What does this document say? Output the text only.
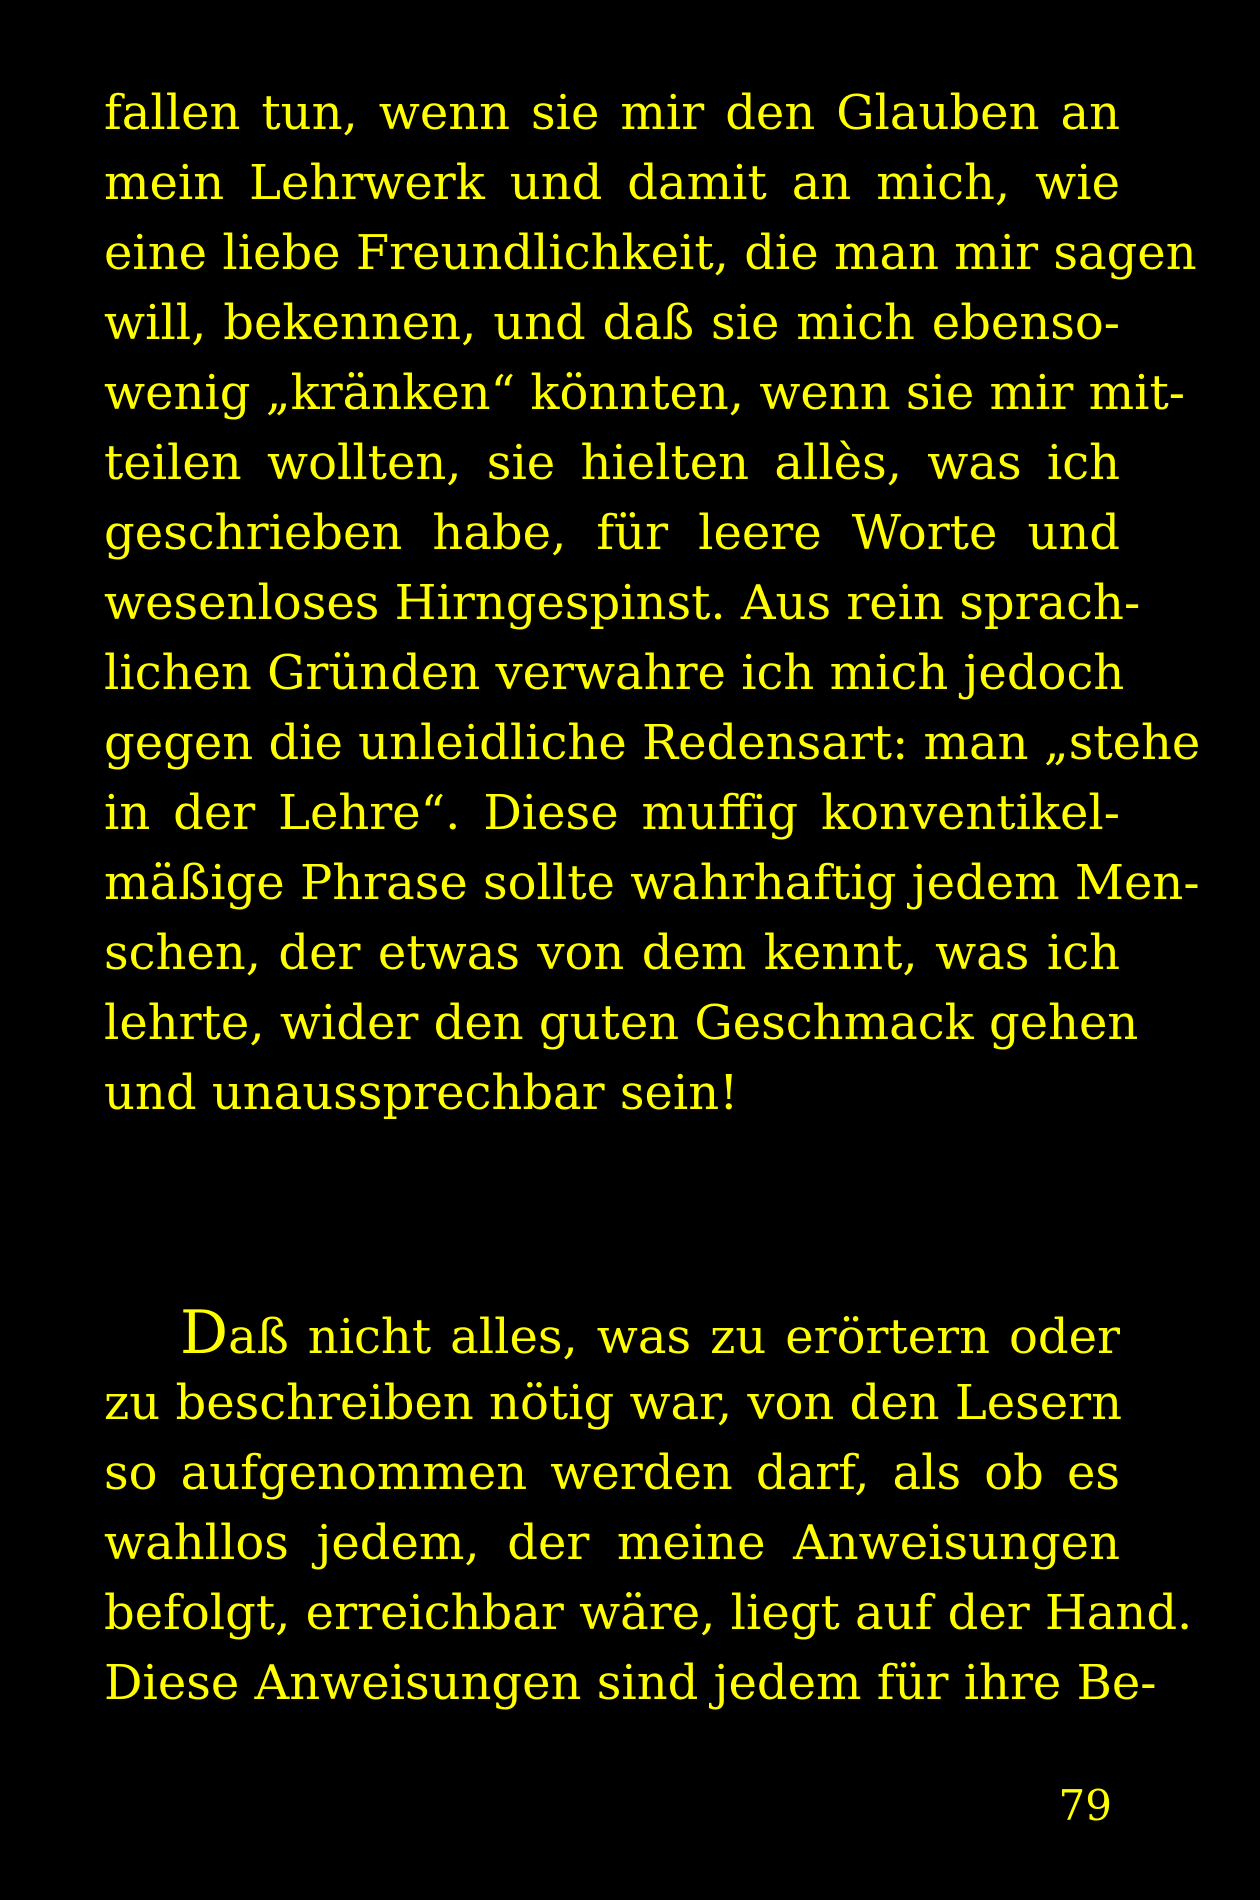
fallen tun, wenn sie mir den Glauben an
mein Lehrwerk und damit an mich, wie
eine liebe Freundlichkeit, die man mir sagen
will, bekennen, und daß sie mich ebenso-
wenig „kränken“ könnten, wenn sie mir mit-
teilen wollten, sie hielten allès, was ich
geschrieben habe, für leere Worte und
wesenloses Hirngespinst. Aus rein sprach-
lichen Gründen verwahre ich mich jedoch
gegen die unleidliche Redensart: man „stehe
in der Lehre“. Diese muffig konventikel-
mäßige Phrase sollte wahrhaftig jedem Men-
schen, der etwas von dem kennt, was ich
lehrte, wider den guten Geschmack gehen
und unaussprechbar sein!
Daß nicht alles, was zu erörtern oder
zu beschreiben nötig war, von den Lesern
so aufgenommen werden darf, als ob es
wahllos jedem, der meine Anweisungen
befolgt, erreichbar wäre, liegt auf der Hand.
Diese Anweisungen sind jedem für ihre Be-
79
